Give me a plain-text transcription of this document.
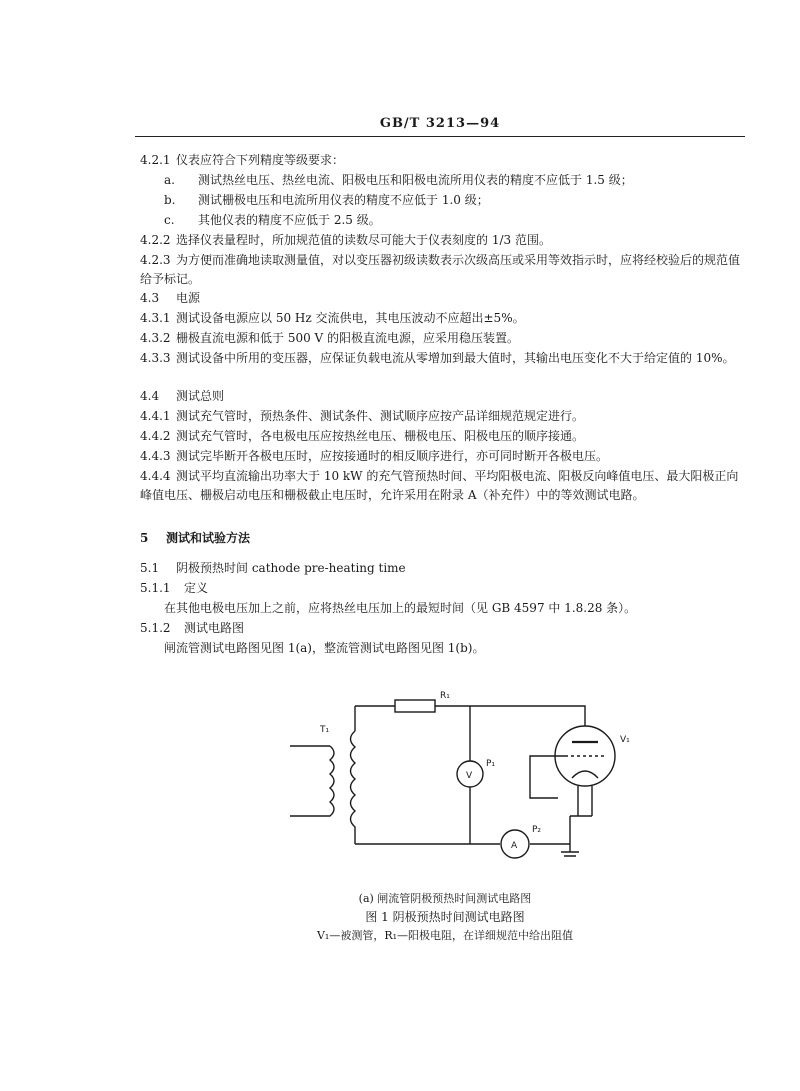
GB/T 3213—94
4.2.1 仪表应符合下列精度等级要求：
a. 测试热丝电压、热丝电流、阳极电压和阳极电流所用仪表的精度不应低于 1.5 级；
b. 测试栅极电压和电流所用仪表的精度不应低于 1.0 级；
c. 其他仪表的精度不应低于 2.5 级。
4.2.2 选择仪表量程时，所加规范值的读数尽可能大于仪表刻度的 1/3 范围。
4.2.3 为方便而准确地读取测量值，对以变压器初级读数表示次级高压或采用等效指示时，应将经校验后的规范值给予标记。
4.3 电源
4.3.1 测试设备电源应以 50 Hz 交流供电，其电压波动不应超出±5%。
4.3.2 栅极直流电源和低于 500 V 的阳极直流电源，应采用稳压装置。
4.3.3 测试设备中所用的变压器，应保证负载电流从零增加到最大值时，其输出电压变化不大于给定值的 10%。
4.4 测试总则
4.4.1 测试充气管时，预热条件、测试条件、测试顺序应按产品详细规范规定进行。
4.4.2 测试充气管时，各电极电压应按热丝电压、栅极电压、阳极电压的顺序接通。
4.4.3 测试完毕断开各极电压时，应按接通时的相反顺序进行，亦可同时断开各极电压。
4.4.4 测试平均直流输出功率大于 10 kW 的充气管预热时间、平均阳极电流、阳极反向峰值电压、最大阳极正向峰值电压、栅极启动电压和栅极截止电压时，允许采用在附录 A（补充件）中的等效测试电路。
5 测试和试验方法
5.1 阴极预热时间 cathode pre-heating time
5.1.1 定义
在其他电极电压加上之前，应将热丝电压加上的最短时间（见 GB 4597 中 1.8.28 条）。
5.1.2 测试电路图
闸流管测试电路图见图 1(a)，整流管测试电路图见图 1(b)。
R₁
T₁
P₁
P₂
V₁
V
A
(a) 闸流管阴极预热时间测试电路图
图 1 阴极预热时间测试电路图
V₁—被测管，R₁—阳极电阻，在详细规范中给出阻值
